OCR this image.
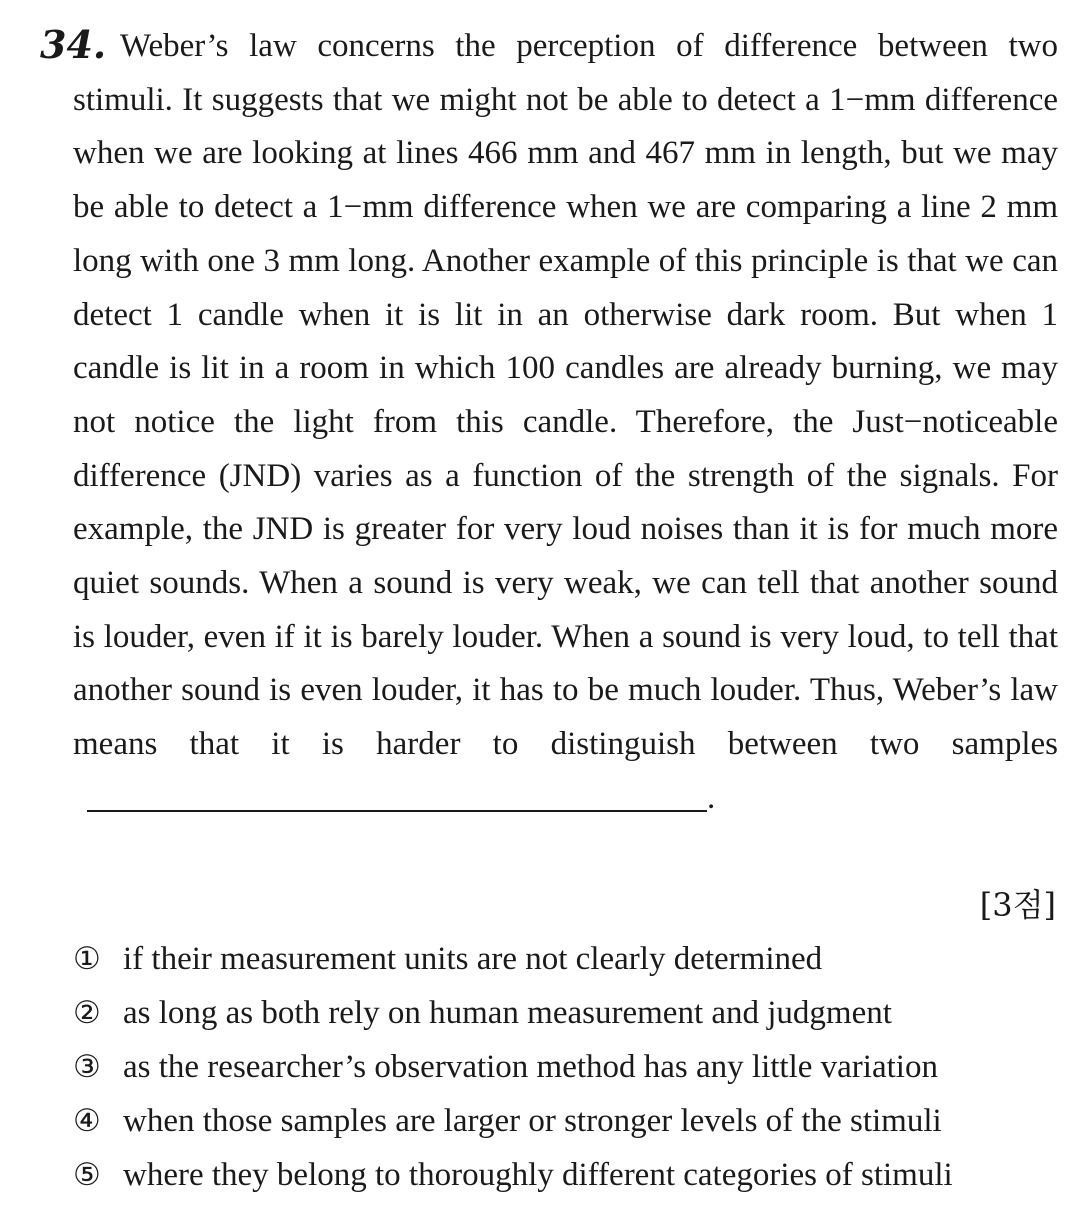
34. Weber’s law concerns the perception of difference between two stimuli. It suggests that we might not be able to detect a 1−mm difference when we are looking at lines 466 mm and 467 mm in length, but we may be able to detect a 1−mm difference when we are comparing a line 2 mm long with one 3 mm long. Another example of this principle is that we can detect 1 candle when it is lit in an otherwise dark room. But when 1 candle is lit in a room in which 100 candles are already burning, we may not notice the light from this candle. Therefore, the Just−noticeable difference (JND) varies as a function of the strength of the signals. For example, the JND is greater for very loud noises than it is for much more quiet sounds. When a sound is very weak, we can tell that another sound is louder, even if it is barely louder. When a sound is very loud, to tell that another sound is even louder, it has to be much louder. Thus, Weber’s law means that it is harder to distinguish between two samples.

[3점]
① if their measurement units are not clearly determined
② as long as both rely on human measurement and judgment
③ as the researcher’s observation method has any little variation
④ when those samples are larger or stronger levels of the stimuli
⑤ where they belong to thoroughly different categories of stimuli
